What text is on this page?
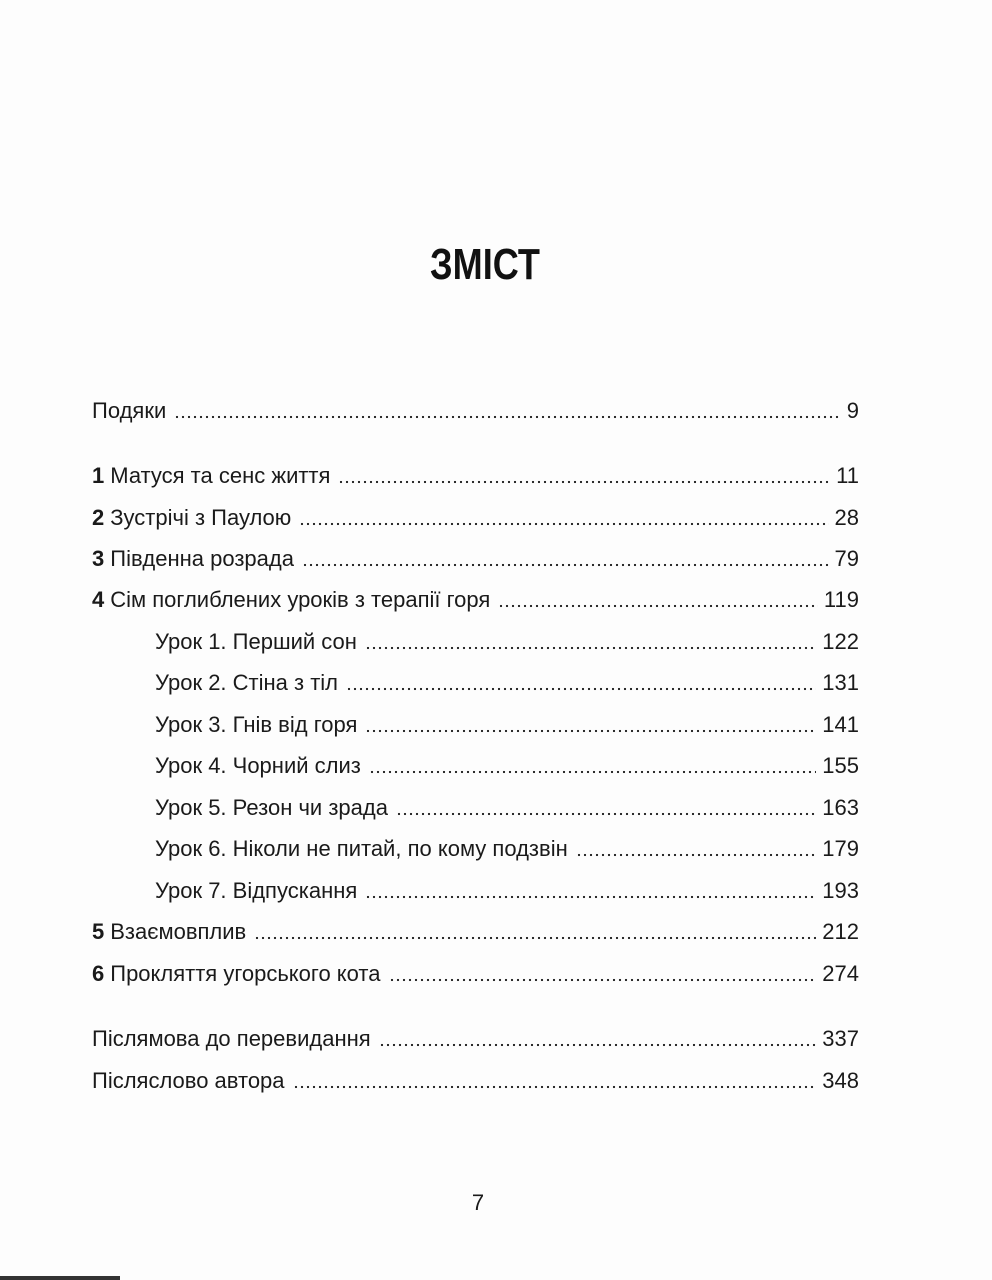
ЗМІСТ
Подяки	9
1 Матуся та сенс життя	11
2 Зустрічі з Паулою	28
3 Південна розрада	79
4 Сім поглиблених уроків з терапії горя	119
Урок 1. Перший сон	122
Урок 2. Стіна з тіл	131
Урок 3. Гнів від горя	141
Урок 4. Чорний слиз	155
Урок 5. Резон чи зрада	163
Урок 6. Ніколи не питай, по кому подзвін	179
Урок 7. Відпускання	193
5 Взаємовплив	212
6 Прокляття угорського кота	274
Післямова до перевидання	337
Післяслово автора	348
7
